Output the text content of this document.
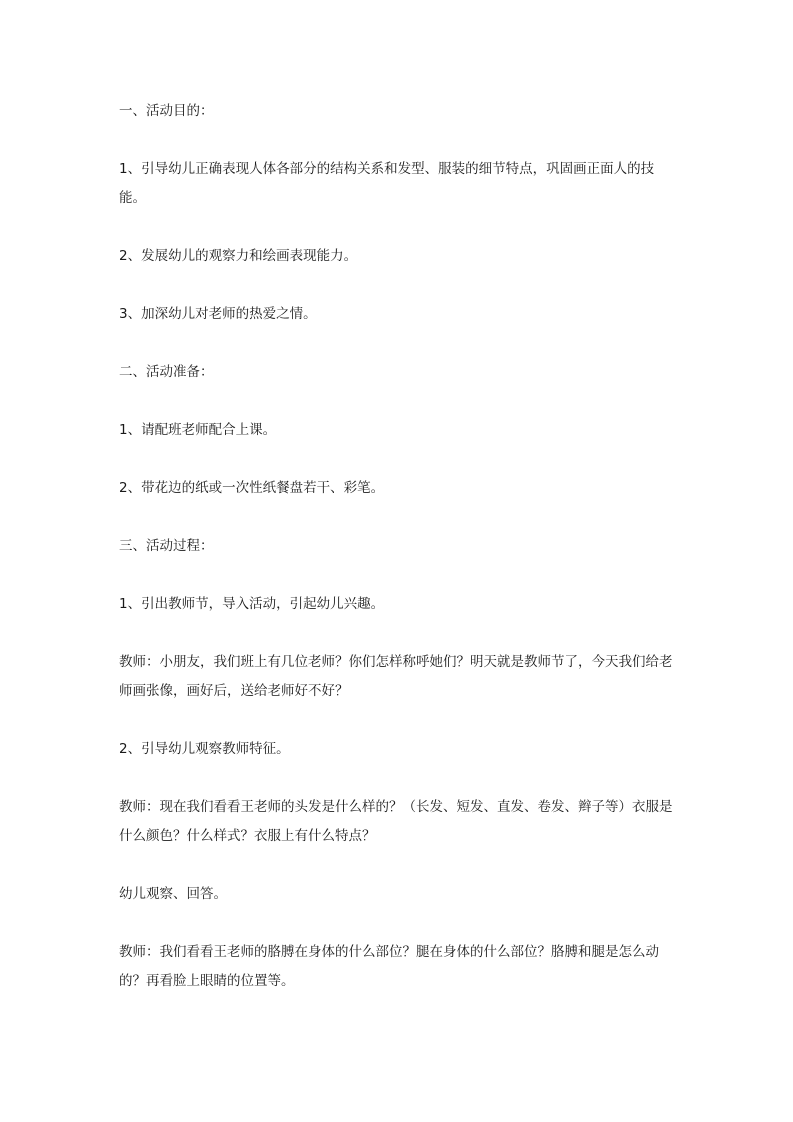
一、活动目的：

1、引导幼儿正确表现人体各部分的结构关系和发型、服装的细节特点，巩固画正面人的技能。

2、发展幼儿的观察力和绘画表现能力。

3、加深幼儿对老师的热爱之情。

二、活动准备：

1、请配班老师配合上课。

2、带花边的纸或一次性纸餐盘若干、彩笔。

三、活动过程：

1、引出教师节，导入活动，引起幼儿兴趣。

教师：小朋友，我们班上有几位老师？你们怎样称呼她们？明天就是教师节了，今天我们给老师画张像，画好后，送给老师好不好？

2、引导幼儿观察教师特征。

教师：现在我们看看王老师的头发是什么样的？（长发、短发、直发、卷发、辫子等）衣服是什么颜色？什么样式？衣服上有什么特点？

幼儿观察、回答。

教师：我们看看王老师的胳膊在身体的什么部位？腿在身体的什么部位？胳膊和腿是怎么动的？再看脸上眼睛的位置等。
